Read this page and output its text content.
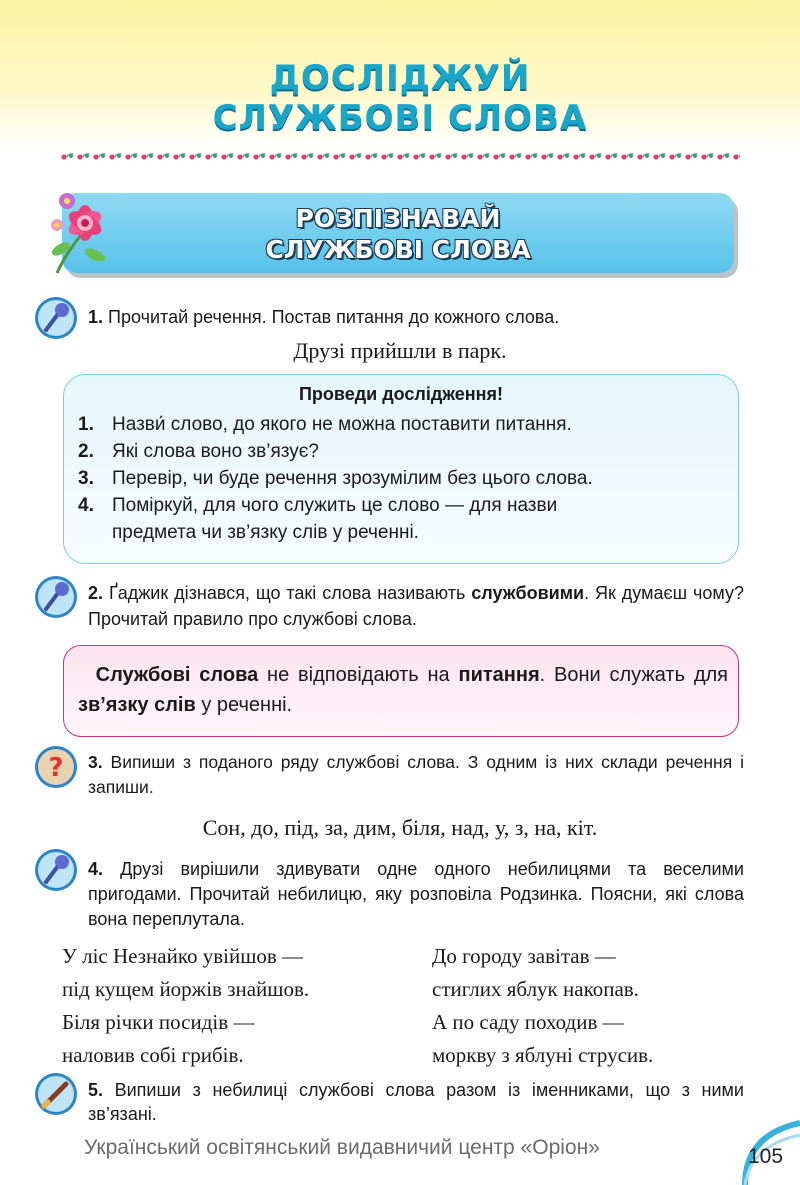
ДОСЛІДЖУЙ
СЛУЖБОВІ СЛОВА
РОЗПІЗНАВАЙ
СЛУЖБОВІ СЛОВА
1. Прочитай речення. Постав питання до кожного слова.
Друзі прийшли в парк.
Проведи дослідження!
1. Назви́ слово, до якого не можна поставити питання.
2. Які слова воно зв’язує?
3. Перевір, чи буде речення зрозумілим без цього слова.
4. Поміркуй, для чого служить це слово — для назви предмета чи зв’язку слів у реченні.
2. Ґаджик дізнався, що такі слова називають службовими. Як думаєш чому? Прочитай правило про службові слова.
Службові слова не відповідають на питання. Вони служать для зв’язку слів у реченні.
? 3. Випиши з поданого ряду службові слова. З одним із них склади речення і запиши.
Сон, до, під, за, дим, біля, над, у, з, на, кіт.
4. Друзі вирішили здивувати одне одного небилицями та веселими пригодами. Прочитай небилицю, яку розповіла Родзинка. Поясни, які слова вона переплутала.
У ліс Незнайко увійшов —
під кущем йоржів знайшов.
Біля річки посидів —
наловив собі грибів.
До городу завітав —
стиглих яблук накопав.
А по саду походив —
моркву з яблуні струсив.
5. Випиши з небилиці службові слова разом із іменниками, що з ними зв’язані.
Український освітянський видавничий центр «Оріон»	105
